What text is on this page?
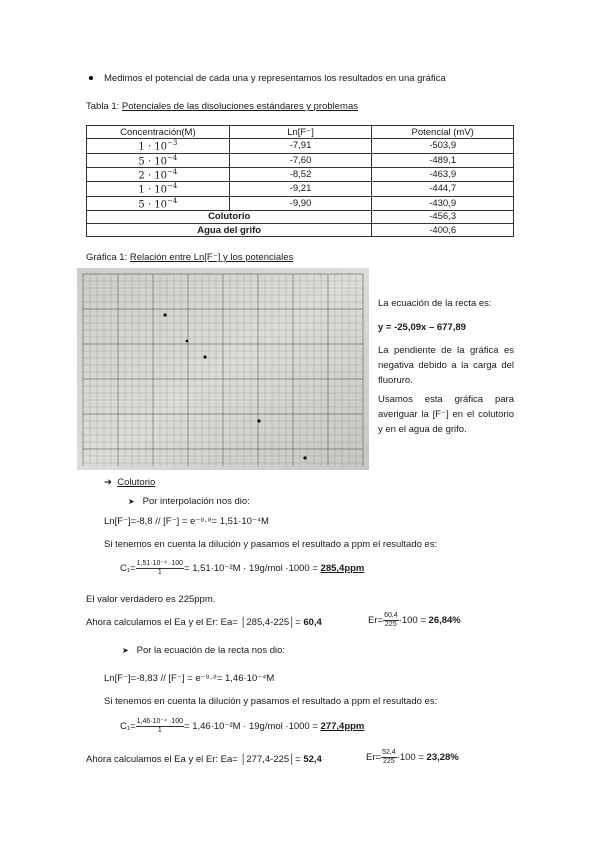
Medimos el potencial de cada una y representamos los resultados en una gráfica
Tabla 1: Potenciales de las disoluciones estándares y problemas
Concentración(M)	Ln[F⁻]	Potencial (mV)
$1 \cdot 10^{-3}$	-7,91	-503,9
$5 \cdot 10^{-4}$	-7,60	-489,1
$2 \cdot 10^{-4}$	-8,52	-463,9
$1 \cdot 10^{-4}$	-9,21	-444,7
$5 \cdot 10^{-4}$	-9,90	-430,9
Colutorio		-456,3
Agua del grifo		-400,6
Gráfica 1: Relación entre Ln[F⁻] y los potenciales
La ecuación de la recta es:
y = -25,09x – 677,89
La pendiente de la gráfica es negativa debido a la carga del fluoruro.
Usamos esta gráfica para averiguar la [F⁻] en el colutorio y en el agua de grifo.
➔ Colutorio
➤ Por interpolación nos dio:
Ln[F⁻]=-8,8 // [F⁻] = e⁻⁸·⁸= 1,51·10⁻⁴M
Si tenemos en cuenta la dilución y pasamos el resultado a ppm el resultado es:
$C_1= \frac{\text{1,51·10⁻⁴ ·100}}{1} = 1,51\cdot 10^{-2}M \cdot 19g/mol \cdot 1000 = 285,4ppm$
El valor verdadero es 225ppm.
Ahora calculamos el Ea y el Er: Ea= │285,4-225│= 60,4	$Er= \frac{60,4}{225} \cdot 100 = 26,84\%$
➤ Por la ecuación de la recta nos dio:
Ln[F⁻]=-8,83 // [F⁻] = e⁻⁸·⁸= 1,46·10⁻⁴M
Si tenemos en cuenta la dilución y pasamos el resultado a ppm el resultado es:
$C_1= \frac{\text{1,46·10⁻⁴ ·100}}{1} = 1,46\cdot 10^{-2}M \cdot 19g/mol \cdot 1000 = 277,4ppm$
Ahora calculamos el Ea y el Er: Ea= │277,4-225│= 52,4	$Er= \frac{52,4}{225} \cdot 100 = 23,28\%$
